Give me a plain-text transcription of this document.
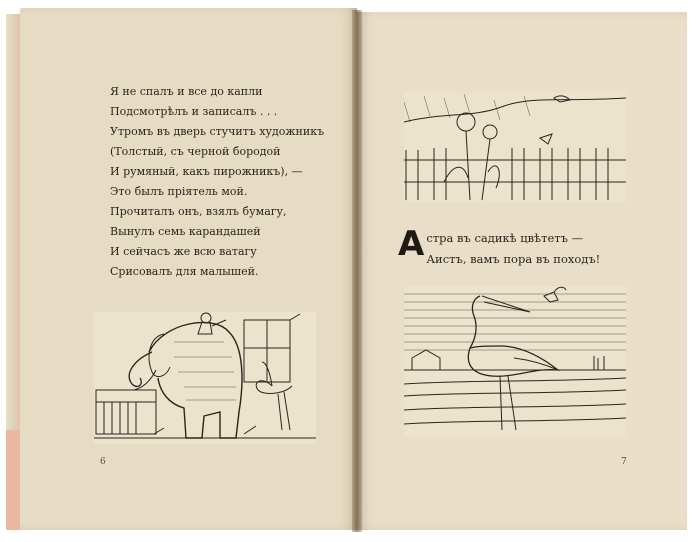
Я не спалъ и все до капли
Подсмотрѣлъ и записалъ . . .
Утромъ въ дверь стучитъ художникъ
(Толстый, съ черной бородой
И румяный, какъ пирожникъ), —
Это былъ пріятель мой.
Прочиталъ онъ, взялъ бумагу,
Вынулъ семь карандашей
И сейчасъ же всю ватагу
Срисовалъ для малышей.
6
А стра въ садикѣ цвѣтетъ —
Аистъ, вамъ пора въ походъ!
7
